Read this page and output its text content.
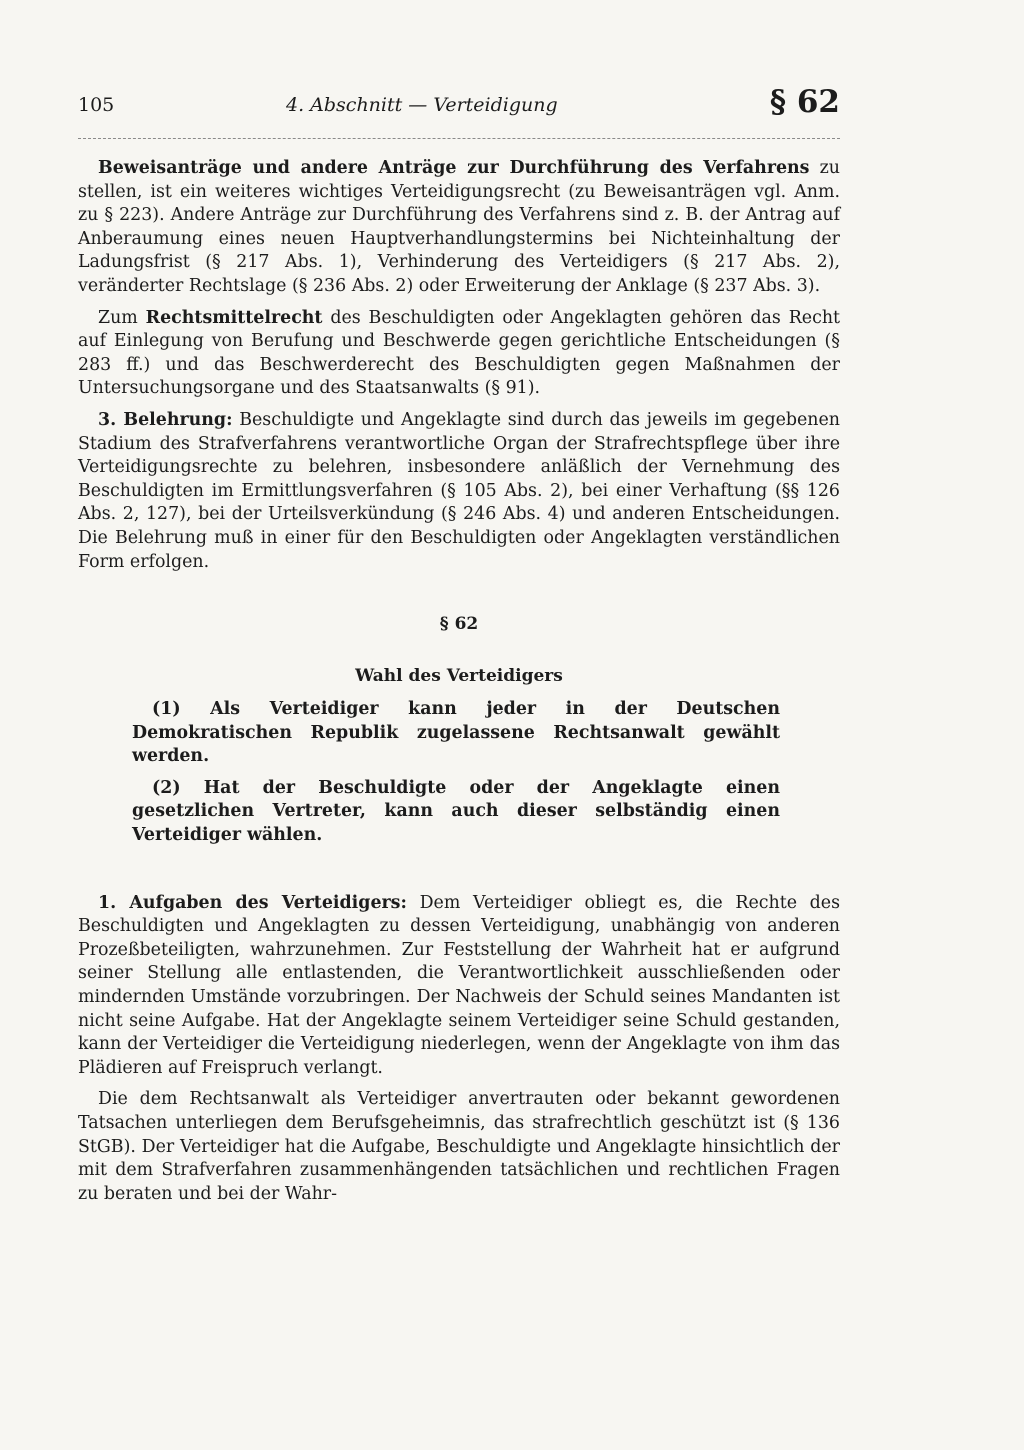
105	4. Abschnitt — Verteidigung	§ 62

Beweisanträge und andere Anträge zur Durchführung des Verfahrens zu stellen, ist ein weiteres wichtiges Verteidigungsrecht (zu Beweisanträgen vgl. Anm. zu § 223). Andere Anträge zur Durchführung des Verfahrens sind z. B. der Antrag auf Anberaumung eines neuen Hauptverhandlungstermins bei Nichteinhaltung der Ladungsfrist (§ 217 Abs. 1), Verhinderung des Verteidigers (§ 217 Abs. 2), veränderter Rechtslage (§ 236 Abs. 2) oder Erweiterung der Anklage (§ 237 Abs. 3).

Zum Rechtsmittelrecht des Beschuldigten oder Angeklagten gehören das Recht auf Einlegung von Berufung und Beschwerde gegen gerichtliche Entscheidungen (§ 283 ff.) und das Beschwerderecht des Beschuldigten gegen Maßnahmen der Untersuchungsorgane und des Staatsanwalts (§ 91).

3. Belehrung: Beschuldigte und Angeklagte sind durch das jeweils im gegebenen Stadium des Strafverfahrens verantwortliche Organ der Strafrechtspflege über ihre Verteidigungsrechte zu belehren, insbesondere anläßlich der Vernehmung des Beschuldigten im Ermittlungsverfahren (§ 105 Abs. 2), bei einer Verhaftung (§§ 126 Abs. 2, 127), bei der Urteilsverkündung (§ 246 Abs. 4) und anderen Entscheidungen. Die Belehrung muß in einer für den Beschuldigten oder Angeklagten verständlichen Form erfolgen.

§ 62
Wahl des Verteidigers

(1) Als Verteidiger kann jeder in der Deutschen Demokratischen Republik zugelassene Rechtsanwalt gewählt werden.

(2) Hat der Beschuldigte oder der Angeklagte einen gesetzlichen Vertreter, kann auch dieser selbständig einen Verteidiger wählen.

1. Aufgaben des Verteidigers: Dem Verteidiger obliegt es, die Rechte des Beschuldigten und Angeklagten zu dessen Verteidigung, unabhängig von anderen Prozeßbeteiligten, wahrzunehmen. Zur Feststellung der Wahrheit hat er aufgrund seiner Stellung alle entlastenden, die Verantwortlichkeit ausschließenden oder mindernden Umstände vorzubringen. Der Nachweis der Schuld seines Mandanten ist nicht seine Aufgabe. Hat der Angeklagte seinem Verteidiger seine Schuld gestanden, kann der Verteidiger die Verteidigung niederlegen, wenn der Angeklagte von ihm das Plädieren auf Freispruch verlangt.

Die dem Rechtsanwalt als Verteidiger anvertrauten oder bekannt gewordenen Tatsachen unterliegen dem Berufsgeheimnis, das strafrechtlich geschützt ist (§ 136 StGB). Der Verteidiger hat die Aufgabe, Beschuldigte und Angeklagte hinsichtlich der mit dem Strafverfahren zusammenhängenden tatsächlichen und rechtlichen Fragen zu beraten und bei der Wahr-
